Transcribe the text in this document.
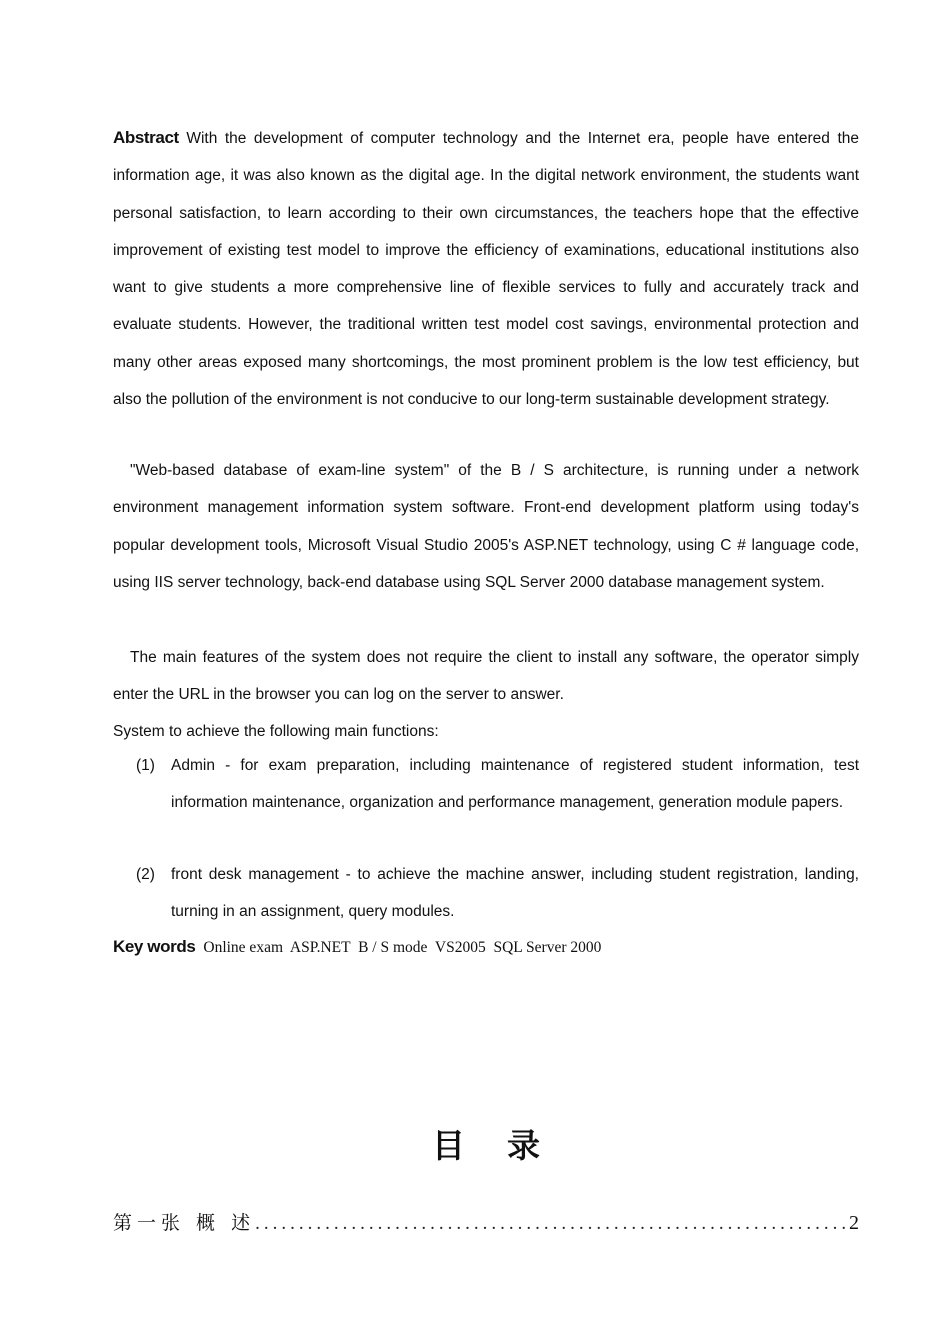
Abstract With the development of computer technology and the Internet era, people have entered the information age, it was also known as the digital age. In the digital network environment, the students want personal satisfaction, to learn according to their own circumstances, the teachers hope that the effective improvement of existing test model to improve the efficiency of examinations, educational institutions also want to give students a more comprehensive line of flexible services to fully and accurately track and evaluate students. However, the traditional written test model cost savings, environmental protection and many other areas exposed many shortcomings, the most prominent problem is the low test efficiency, but also the pollution of the environment is not conducive to our long-term sustainable development strategy.

"Web-based database of exam-line system" of the B / S architecture, is running under a network environment management information system software. Front-end development platform using today's popular development tools, Microsoft Visual Studio 2005's ASP.NET technology, using C # language code, using IIS server technology, back-end database using SQL Server 2000 database management system.

The main features of the system does not require the client to install any software, the operator simply enter the URL in the browser you can log on the server to answer.

System to achieve the following main functions:

(1) Admin - for exam preparation, including maintenance of registered student information, test information maintenance, organization and performance management, generation module papers.

(2) front desk management - to achieve the machine answer, including student registration, landing, turning in an assignment, query modules.

Key words Online exam  ASP.NET  B / S mode  VS2005  SQL Server 2000

目录
第一张 概 述
.....	2
